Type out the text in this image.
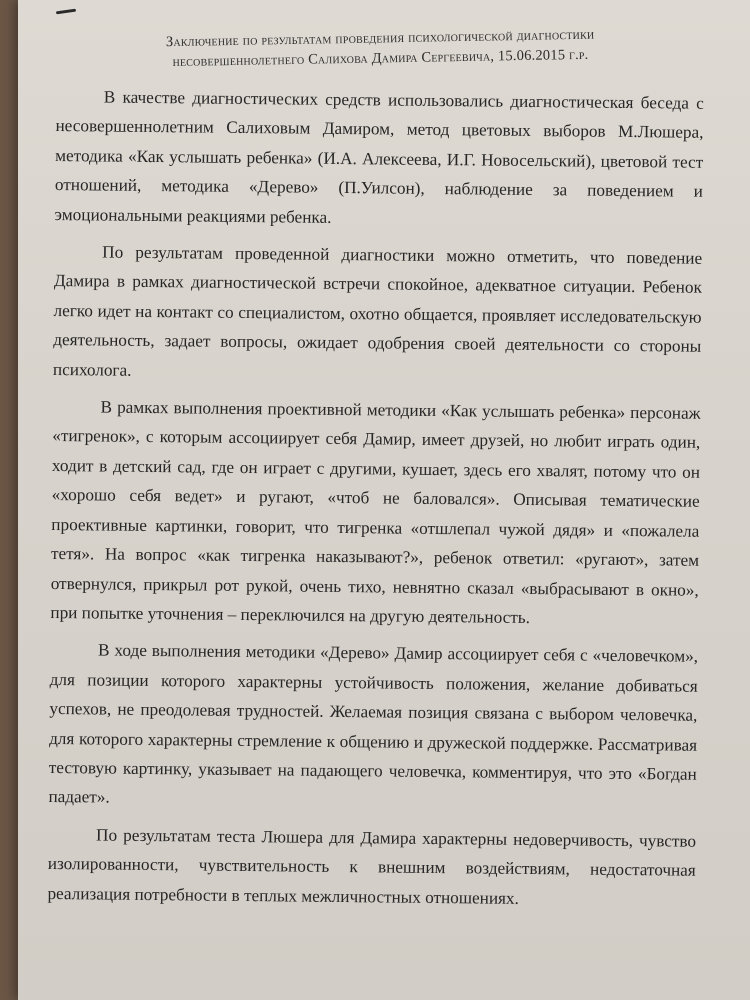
Заключение по результатам проведения психологической диагностики
несовершеннолетнего Салихова Дамира Сергеевича, 15.06.2015 г.р.

В качестве диагностических средств использовались диагностическая беседа с несовершеннолетним Салиховым Дамиром, метод цветовых выборов М.Люшера, методика «Как услышать ребенка» (И.А. Алексеева, И.Г. Новосельский), цветовой тест отношений, методика «Дерево» (П.Уилсон), наблюдение за поведением и эмоциональными реакциями ребенка.

По результатам проведенной диагностики можно отметить, что поведение Дамира в рамках диагностической встречи спокойное, адекватное ситуации. Ребенок легко идет на контакт со специалистом, охотно общается, проявляет исследовательскую деятельность, задает вопросы, ожидает одобрения своей деятельности со стороны психолога.

В рамках выполнения проективной методики «Как услышать ребенка» персонаж «тигренок», с которым ассоциирует себя Дамир, имеет друзей, но любит играть один, ходит в детский сад, где он играет с другими, кушает, здесь его хвалят, потому что он «хорошо себя ведет» и ругают, «чтоб не баловался». Описывая тематические проективные картинки, говорит, что тигренка «отшлепал чужой дядя» и «пожалела тетя». На вопрос «как тигренка наказывают?», ребенок ответил: «ругают», затем отвернулся, прикрыл рот рукой, очень тихо, невнятно сказал «выбрасывают в окно», при попытке уточнения – переключился на другую деятельность.

В ходе выполнения методики «Дерево» Дамир ассоциирует себя с «человечком», для позиции которого характерны устойчивость положения, желание добиваться успехов, не преодолевая трудностей. Желаемая позиция связана с выбором человечка, для которого характерны стремление к общению и дружеской поддержке. Рассматривая тестовую картинку, указывает на падающего человечка, комментируя, что это «Богдан падает».

По результатам теста Люшера для Дамира характерны недоверчивость, чувство изолированности, чувствительность к внешним воздействиям, недостаточная реализация потребности в теплых межличностных отношениях.
